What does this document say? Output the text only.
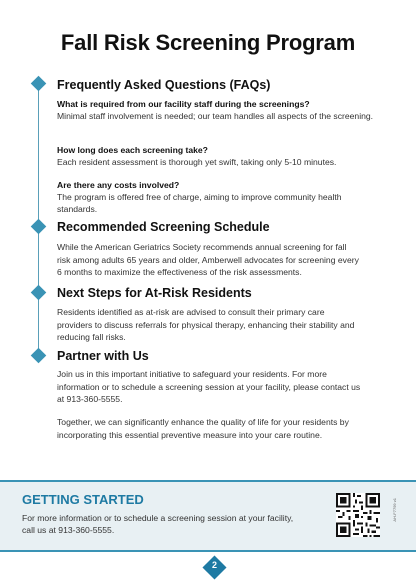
Fall Risk Screening Program
Frequently Asked Questions (FAQs)
What is required from our facility staff during the screenings?
Minimal staff involvement is needed; our team handles all aspects of the screening.
How long does each screening take?
Each resident assessment is thorough yet swift, taking only 5-10 minutes.
Are there any costs involved?
The program is offered free of charge, aiming to improve community health standards.
Recommended Screening Schedule
While the American Geriatrics Society recommends annual screening for fall risk among adults 65 years and older, Amberwell advocates for screening every 6 months to maximize the effectiveness of the risk assessments.
Next Steps for At-Risk Residents
Residents identified as at-risk are advised to consult their primary care providers to discuss referrals for physical therapy, enhancing their stability and reducing fall risks.
Partner with Us
Join us in this important initiative to safeguard your residents. For more information or to schedule a screening session at your facility, please contact us at 913-360-5555.
Together, we can significantly enhance the quality of life for your residents by incorporating this essential preventive measure into your care routine.
GETTING STARTED
For more information or to schedule a screening session at your facility, call us at 913-360-5555.
AH-F7799 v1
2
